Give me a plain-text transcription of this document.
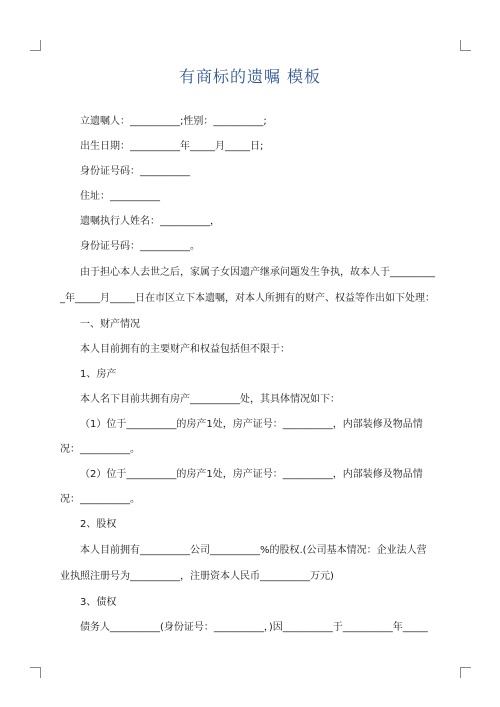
有商标的遗嘱 模板
立遗嘱人：__________;性别：__________;
出生日期：__________年_____月_____日;
身份证号码：__________
住址：__________
遗嘱执行人姓名：__________，
身份证号码：__________。
由于担心本人去世之后，家属子女因遗产继承问题发生争执，故本人于_________
_年_____月_____日在市区立下本遗嘱，对本人所拥有的财产、权益等作出如下处理：
一、财产情况
本人目前拥有的主要财产和权益包括但不限于：
1、房产
本人名下目前共拥有房产__________处，其具体情况如下：
（1）位于__________的房产1处，房产证号：__________，内部装修及物品情
况：__________。
（2）位于__________的房产1处，房产证号：__________，内部装修及物品情
况：__________。
2、股权
本人目前拥有__________公司__________%的股权.(公司基本情况：企业法人营
业执照注册号为__________，注册资本人民币__________万元)
3、债权
债务人__________(身份证号：__________，)因__________于__________年_____
